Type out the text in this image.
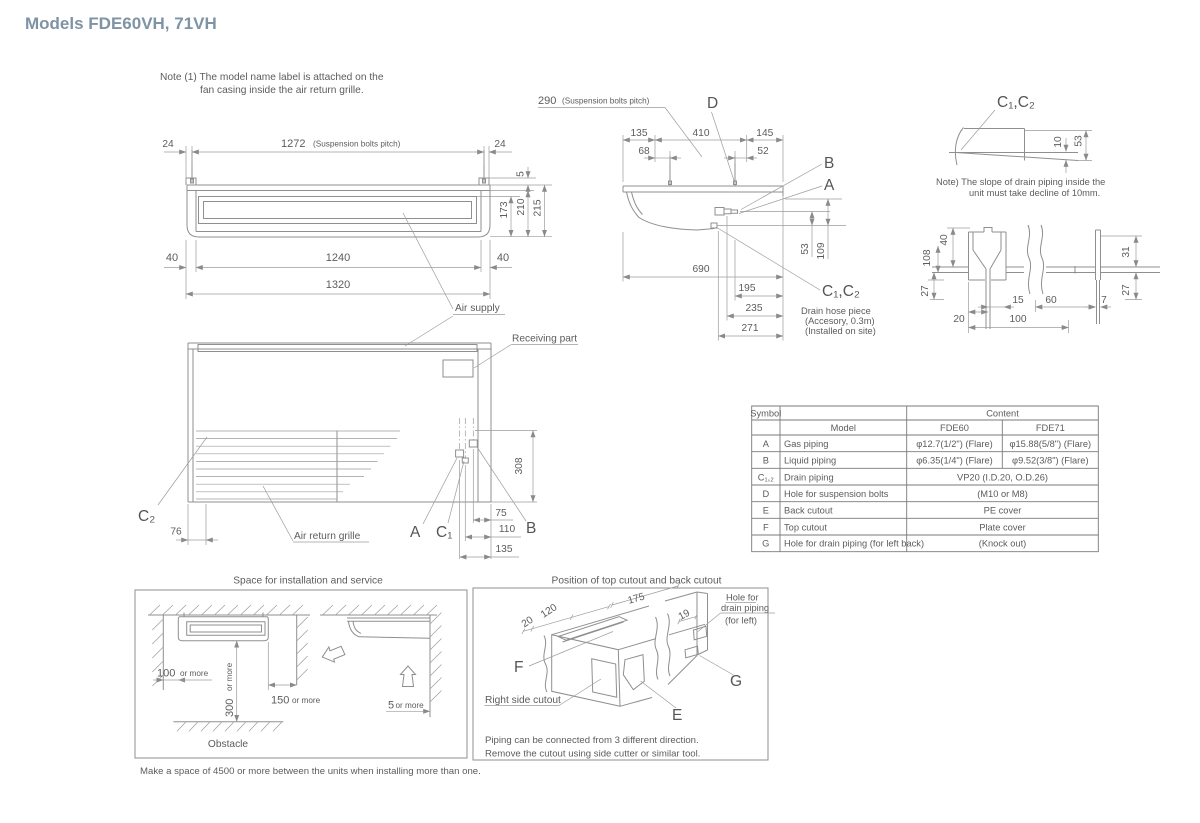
Models FDE60VH, 71VH
Note (1) The model name label is attached on the
fan casing inside the air return grille.
24	1272 (Suspension bolts pitch)	24
5
173 210 215
40	1240	40
1320
Air supply
290 (Suspension bolts pitch)	D
135	410	145
68	52
B
A
53 109
690
195
235
271
C₁,C₂
Drain hose piece
(Accesory, 0.3m)
(Installed on site)
C₁,C₂
10 53
Note) The slope of drain piping inside the
unit must take decline of 10mm.
40
108
27
20
15
100
60	7
31
27
Receiving part
C₂
76	Air return grille	A C₁	B
308
75
110
135
Symbol	Content
Model	FDE60	FDE71
A Gas piping	φ12.7(1/2") (Flare) φ15.88(5/8") (Flare)
B Liquid piping	φ6.35(1/4") (Flare) φ9.52(3/8") (Flare)
C₁,₂ Drain piping	VP20 (I.D.20, O.D.26)
D Hole for suspension bolts	(M10 or M8)
E Back cutout	PE cover
F Top cutout	Plate cover
G Hole for drain piping (for left back)	(Knock out)
Space for installation and service
100 or more
300
or more
150 or more	5 or more
Obstacle
Make a space of 4500 or more between the units when installing more than one.
Position of top cutout and back cutout
20
120
175
19
F
Right side cutout
Hole for
drain piping
(for left)
G
E
Piping can be connected from 3 different direction.
Remove the cutout using side cutter or similar tool.
